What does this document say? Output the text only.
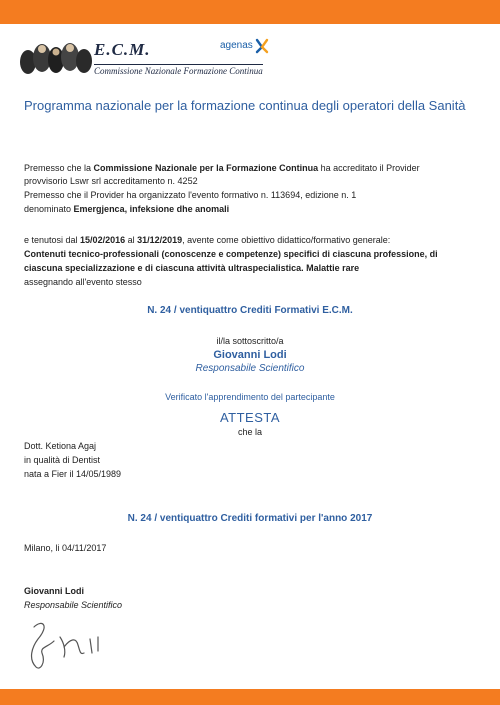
E.C.M.
Commissione Nazionale Formazione Continua
agenas
Programma nazionale per la formazione continua degli operatori della Sanità
Premesso che la Commissione Nazionale per la Formazione Continua ha accreditato il Provider
provvisorio Lswr srl accreditamento n. 4252
Premesso che il Provider ha organizzato l'evento formativo n. 113694, edizione n. 1
denominato Emergjenca, infeksione dhe anomali
e tenutosi dal 15/02/2016 al 31/12/2019, avente come obiettivo didattico/formativo generale:
Contenuti tecnico-professionali (conoscenze e competenze) specifici di ciascuna professione, di
ciascuna specializzazione e di ciascuna attività ultraspecialistica. Malattie rare
assegnando all'evento stesso
N. 24 / ventiquattro Crediti Formativi E.C.M.
il/la sottoscritto/a
Giovanni Lodi
Responsabile Scientifico
Verificato l'apprendimento del partecipante
ATTESTA
che la
Dott. Ketiona Agaj
in qualità di Dentist
nata a Fier il 14/05/1989
N. 24 / ventiquattro Crediti formativi per l'anno 2017
Milano, li 04/11/2017
Giovanni Lodi
Responsabile Scientifico
